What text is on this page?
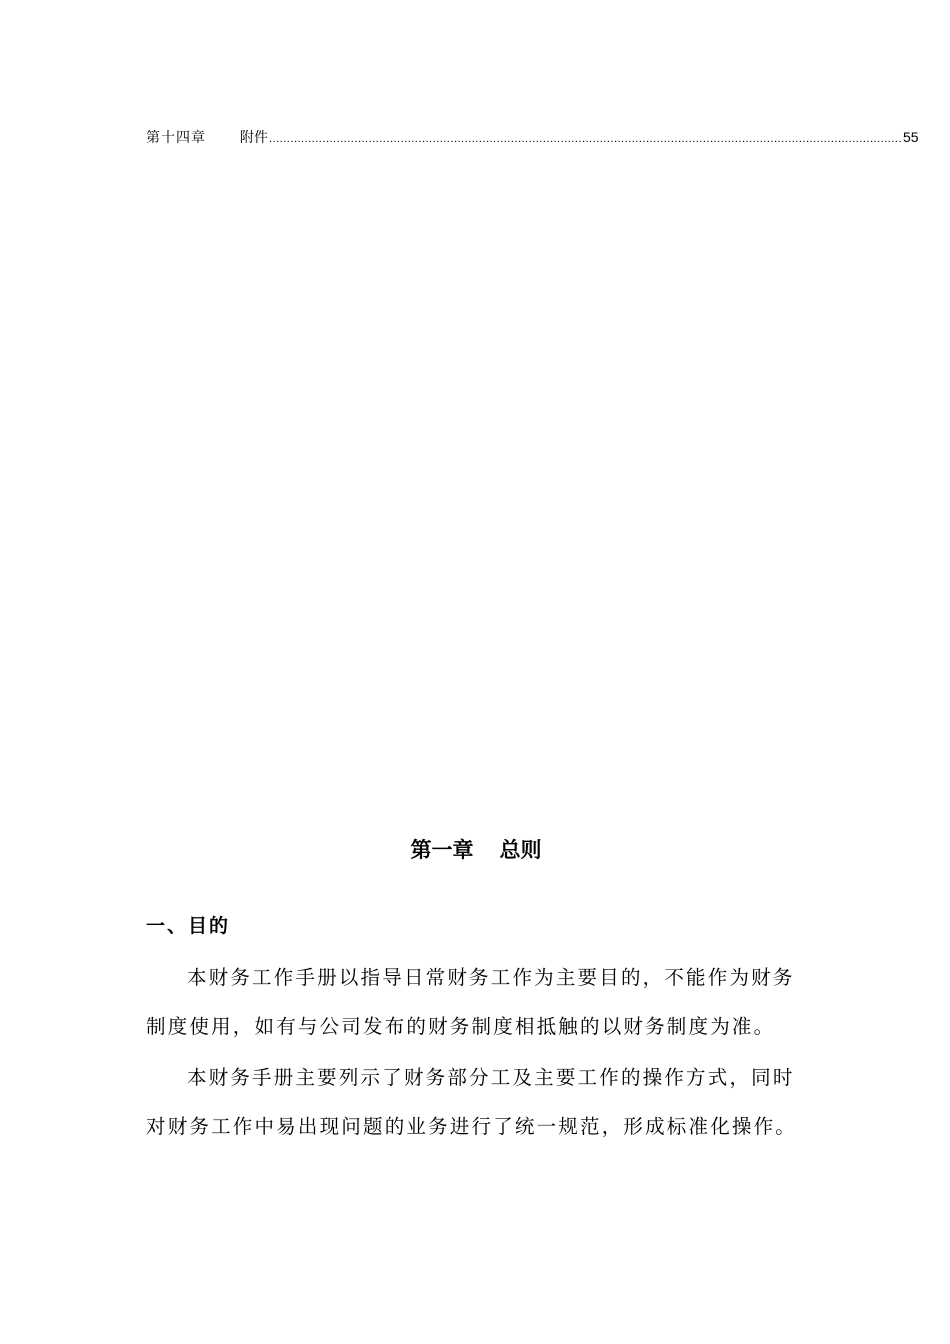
第十四章 附件 .................................................................................................................................................................................. 55
第一章 总则
一、目的

本财务工作手册以指导日常财务工作为主要目的，不能作为财务制度使用，如有与公司发布的财务制度相抵触的以财务制度为准。

本财务手册主要列示了财务部分工及主要工作的操作方式，同时对财务工作中易出现问题的业务进行了统一规范，形成标准化操作。
